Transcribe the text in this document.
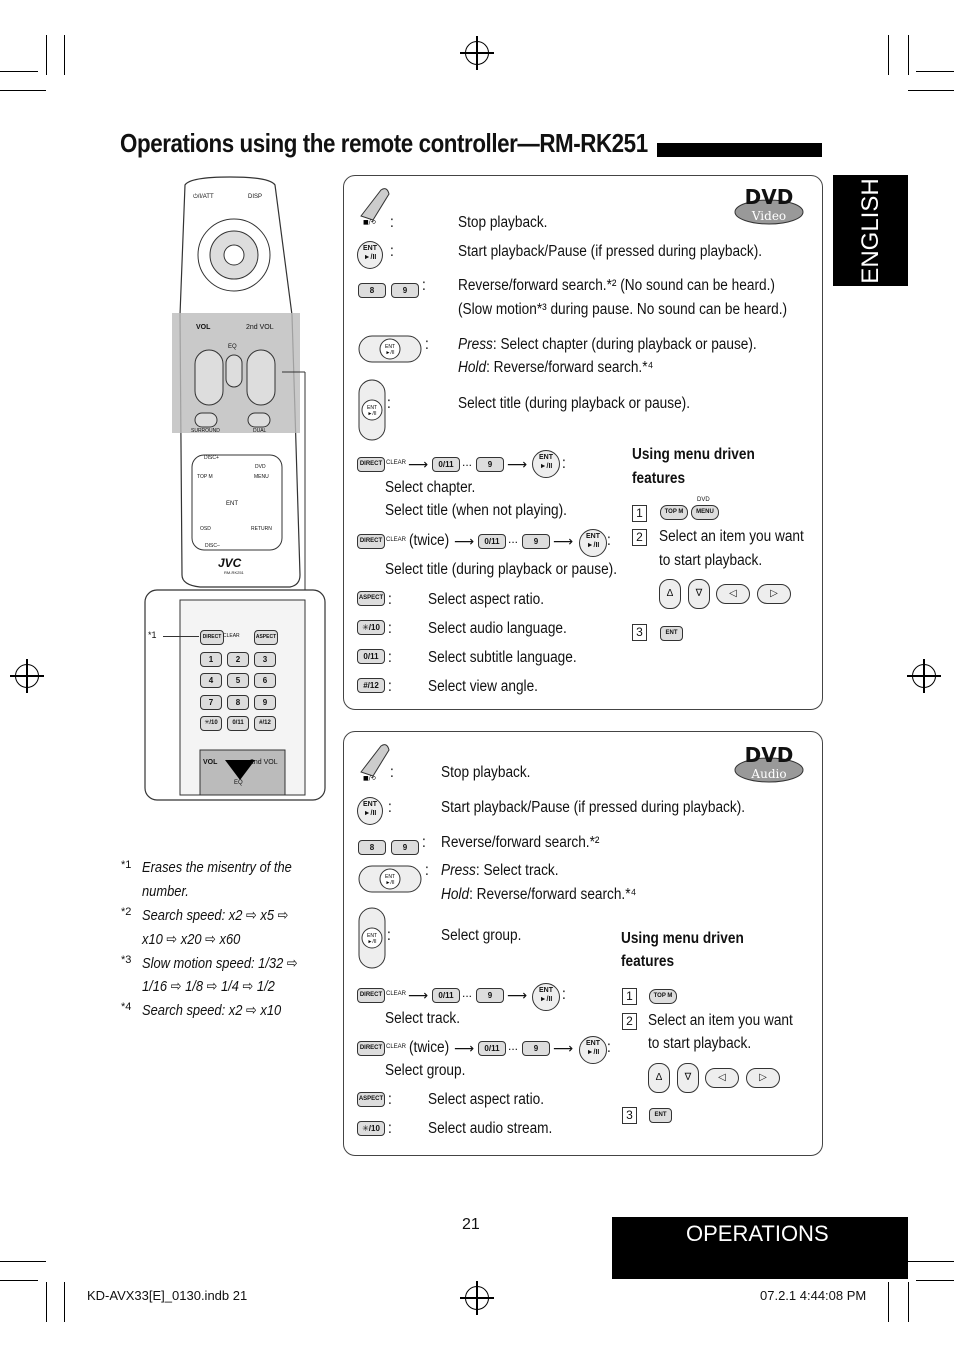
Operations using the remote controller—RM-RK251
ENGLISH
⏻/I/ATT	DISP
VOL	2nd VOL
EQ
SURROUND	DUAL
DISC+
DVD
TOP M	MENU
ENT
OSD	RETURN
DISC–
JVC
RM-RK251
*1	DIRECT CLEAR	ASPECT
1	2	3
4	5	6
7	8	9
✳/10	0/11	#/12
VOL
EQ
2nd VOL
*1 Erases the misentry of the
number.
*2 Search speed: x2 ⇨ x5 ⇨
x10 ⇨ x20 ⇨ x60
*3 Slow motion speed: 1/32 ⇨
1/16 ⇨ 1/8 ⇨ 1/4 ⇨ 1/2
*4 Search speed: x2 ⇨ x10
DVD
Video
■/⟲ :	Stop playback.
ENT
►/II :	Start playback/Pause (if pressed during playback).
8	9 : Reverse/forward search.*² (No sound can be heard.)
(Slow motion*³ during pause. No sound can be heard.)
ENT
►/II : Press: Select chapter (during playback or pause).
Hold: Reverse/forward search.*⁴
ENT
►/II
:	Select title (during playback or pause).
DIRECT CLEAR ⟶	0/11 ...	9	⟶	ENT
►/II :
Select chapter.
Select title (when not playing).
DIRECT CLEAR (twice) ⟶	0/11 ...	9	⟶	ENT
►/II :
Select title (during playback or pause).
ASPECT : Select aspect ratio.
✳/10 : Select audio language.
0/11 : Select subtitle language.
#/12 : Select view angle.
Using menu driven
features
1	TOP M
DVD
MENU
2 Select an item you want
to start playback.
Δ	∇	◁	▷
3	ENT
DVD
Audio
■/⟲ :	Stop playback.
ENT
►/II :	Start playback/Pause (if pressed during playback).
8	9 : Reverse/forward search.*²
ENT
►/II
: Press: Select track.
Hold: Reverse/forward search.*⁴
ENT
►/II :	Select group.
DIRECT CLEAR ⟶	0/11 ...	9	⟶	ENT
►/II :
Select track.
DIRECT CLEAR (twice) ⟶	0/11 ...	9	⟶	ENT
►/II :
Select group.
ASPECT : Select aspect ratio.
✳/10 : Select audio stream.
Using menu driven
features
1	TOP M
2 Select an item you want
to start playback.
Δ	∇	◁	▷
3	ENT
21	OPERATIONS
KD-AVX33[E]_0130.indb 21	07.2.1 4:44:08 PM
